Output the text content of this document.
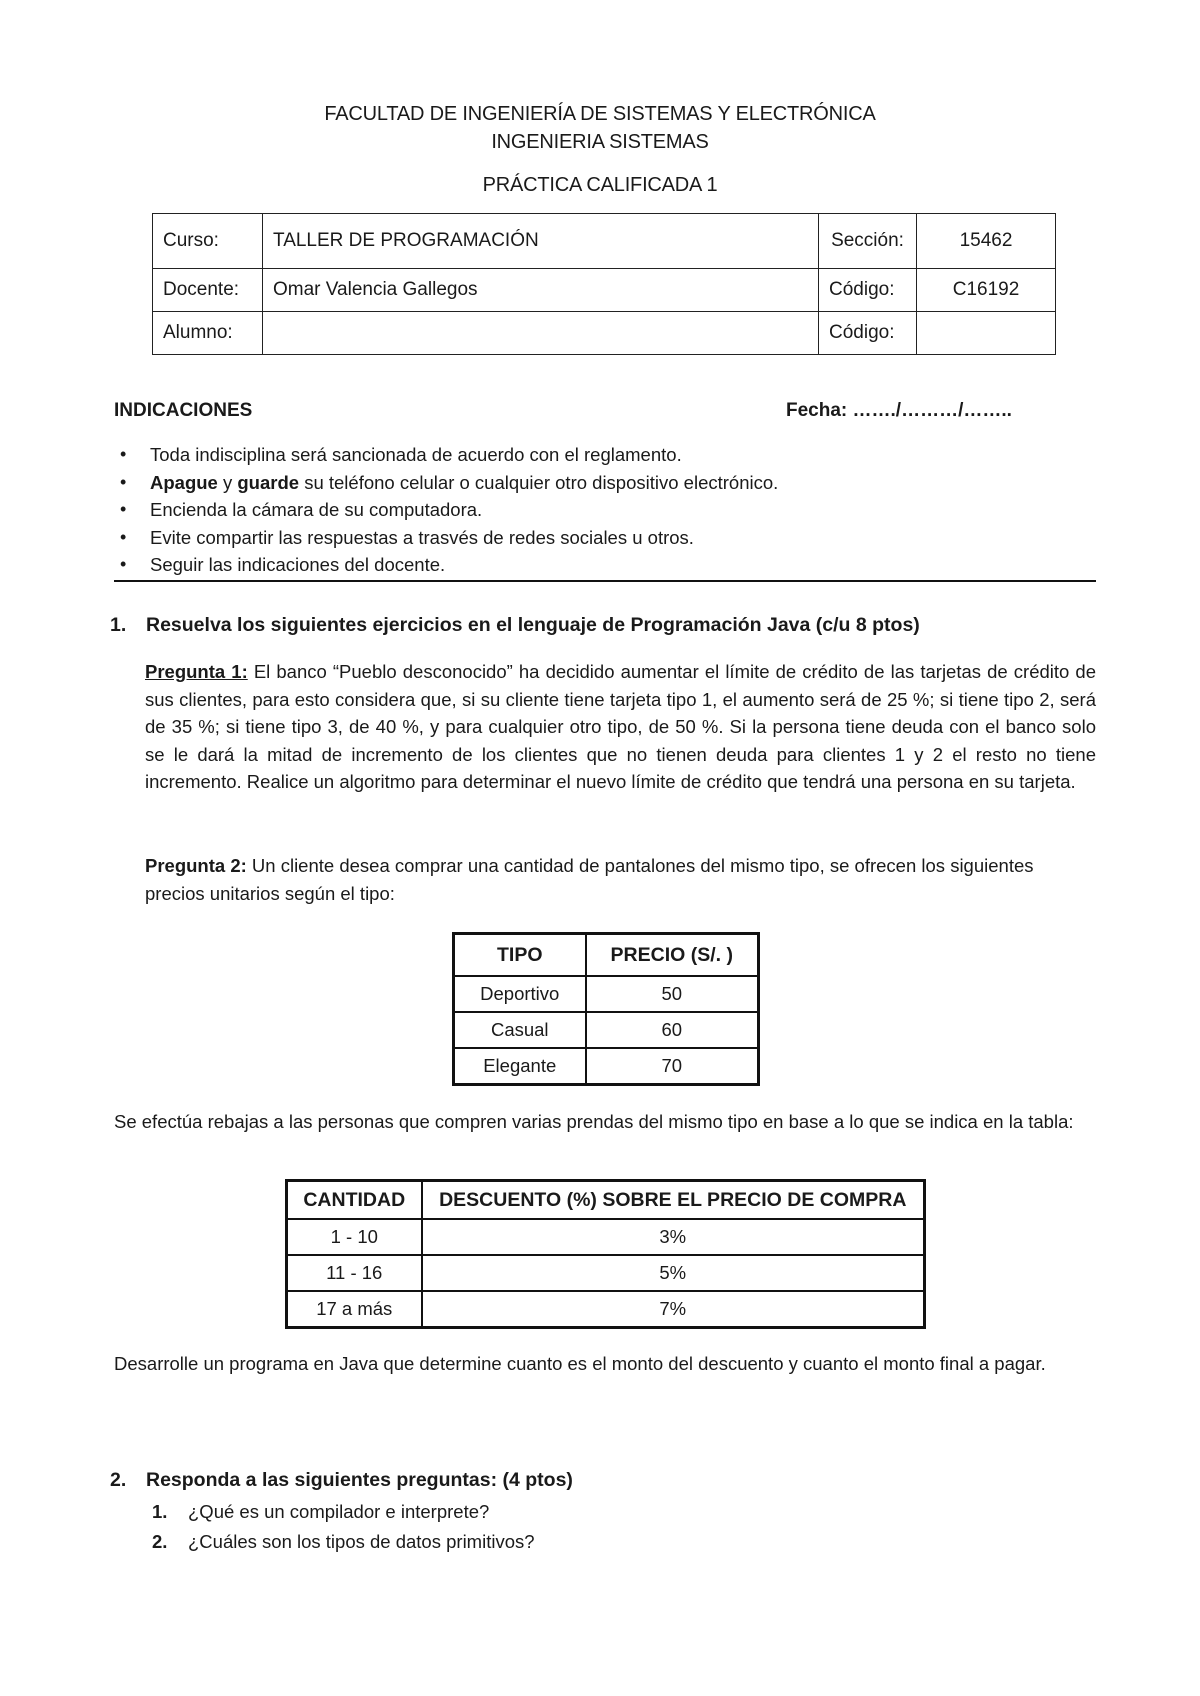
FACULTAD DE INGENIERÍA DE SISTEMAS Y ELECTRÓNICA
INGENIERIA SISTEMAS
PRÁCTICA CALIFICADA 1
Curso:	TALLER DE PROGRAMACIÓN	Sección:	15462
Docente:	Omar Valencia Gallegos	Código:	C16192
Alumno:		Código:	
INDICACIONES	Fecha: ……./………/……..
• Toda indisciplina será sancionada de acuerdo con el reglamento.
• Apague y guarde su teléfono celular o cualquier otro dispositivo electrónico.
• Encienda la cámara de su computadora.
• Evite compartir las respuestas a trasvés de redes sociales u otros.
• Seguir las indicaciones del docente.
1. Resuelva los siguientes ejercicios en el lenguaje de Programación Java (c/u 8 ptos)
Pregunta 1: El banco “Pueblo desconocido” ha decidido aumentar el límite de crédito de las tarjetas de crédito de sus clientes, para esto considera que, si su cliente tiene tarjeta tipo 1, el aumento será de 25 %; si tiene tipo 2, será de 35 %; si tiene tipo 3, de 40 %, y para cualquier otro tipo, de 50 %. Si la persona tiene deuda con el banco solo se le dará la mitad de incremento de los clientes que no tienen deuda para clientes 1 y 2 el resto no tiene incremento. Realice un algoritmo para determinar el nuevo límite de crédito que tendrá una persona en su tarjeta.
Pregunta 2: Un cliente desea comprar una cantidad de pantalones del mismo tipo, se ofrecen los siguientes precios unitarios según el tipo:
TIPO	PRECIO (S/. )
Deportivo	50
Casual	60
Elegante	70
Se efectúa rebajas a las personas que compren varias prendas del mismo tipo en base a lo que se indica en la tabla:
CANTIDAD	DESCUENTO (%) SOBRE EL PRECIO DE COMPRA
1 - 10	3%
11 - 16	5%
17 a más	7%
Desarrolle un programa en Java que determine cuanto es el monto del descuento y cuanto el monto final a pagar.
2. Responda a las siguientes preguntas: (4 ptos)
1. ¿Qué es un compilador e interprete?
2. ¿Cuáles son los tipos de datos primitivos?
